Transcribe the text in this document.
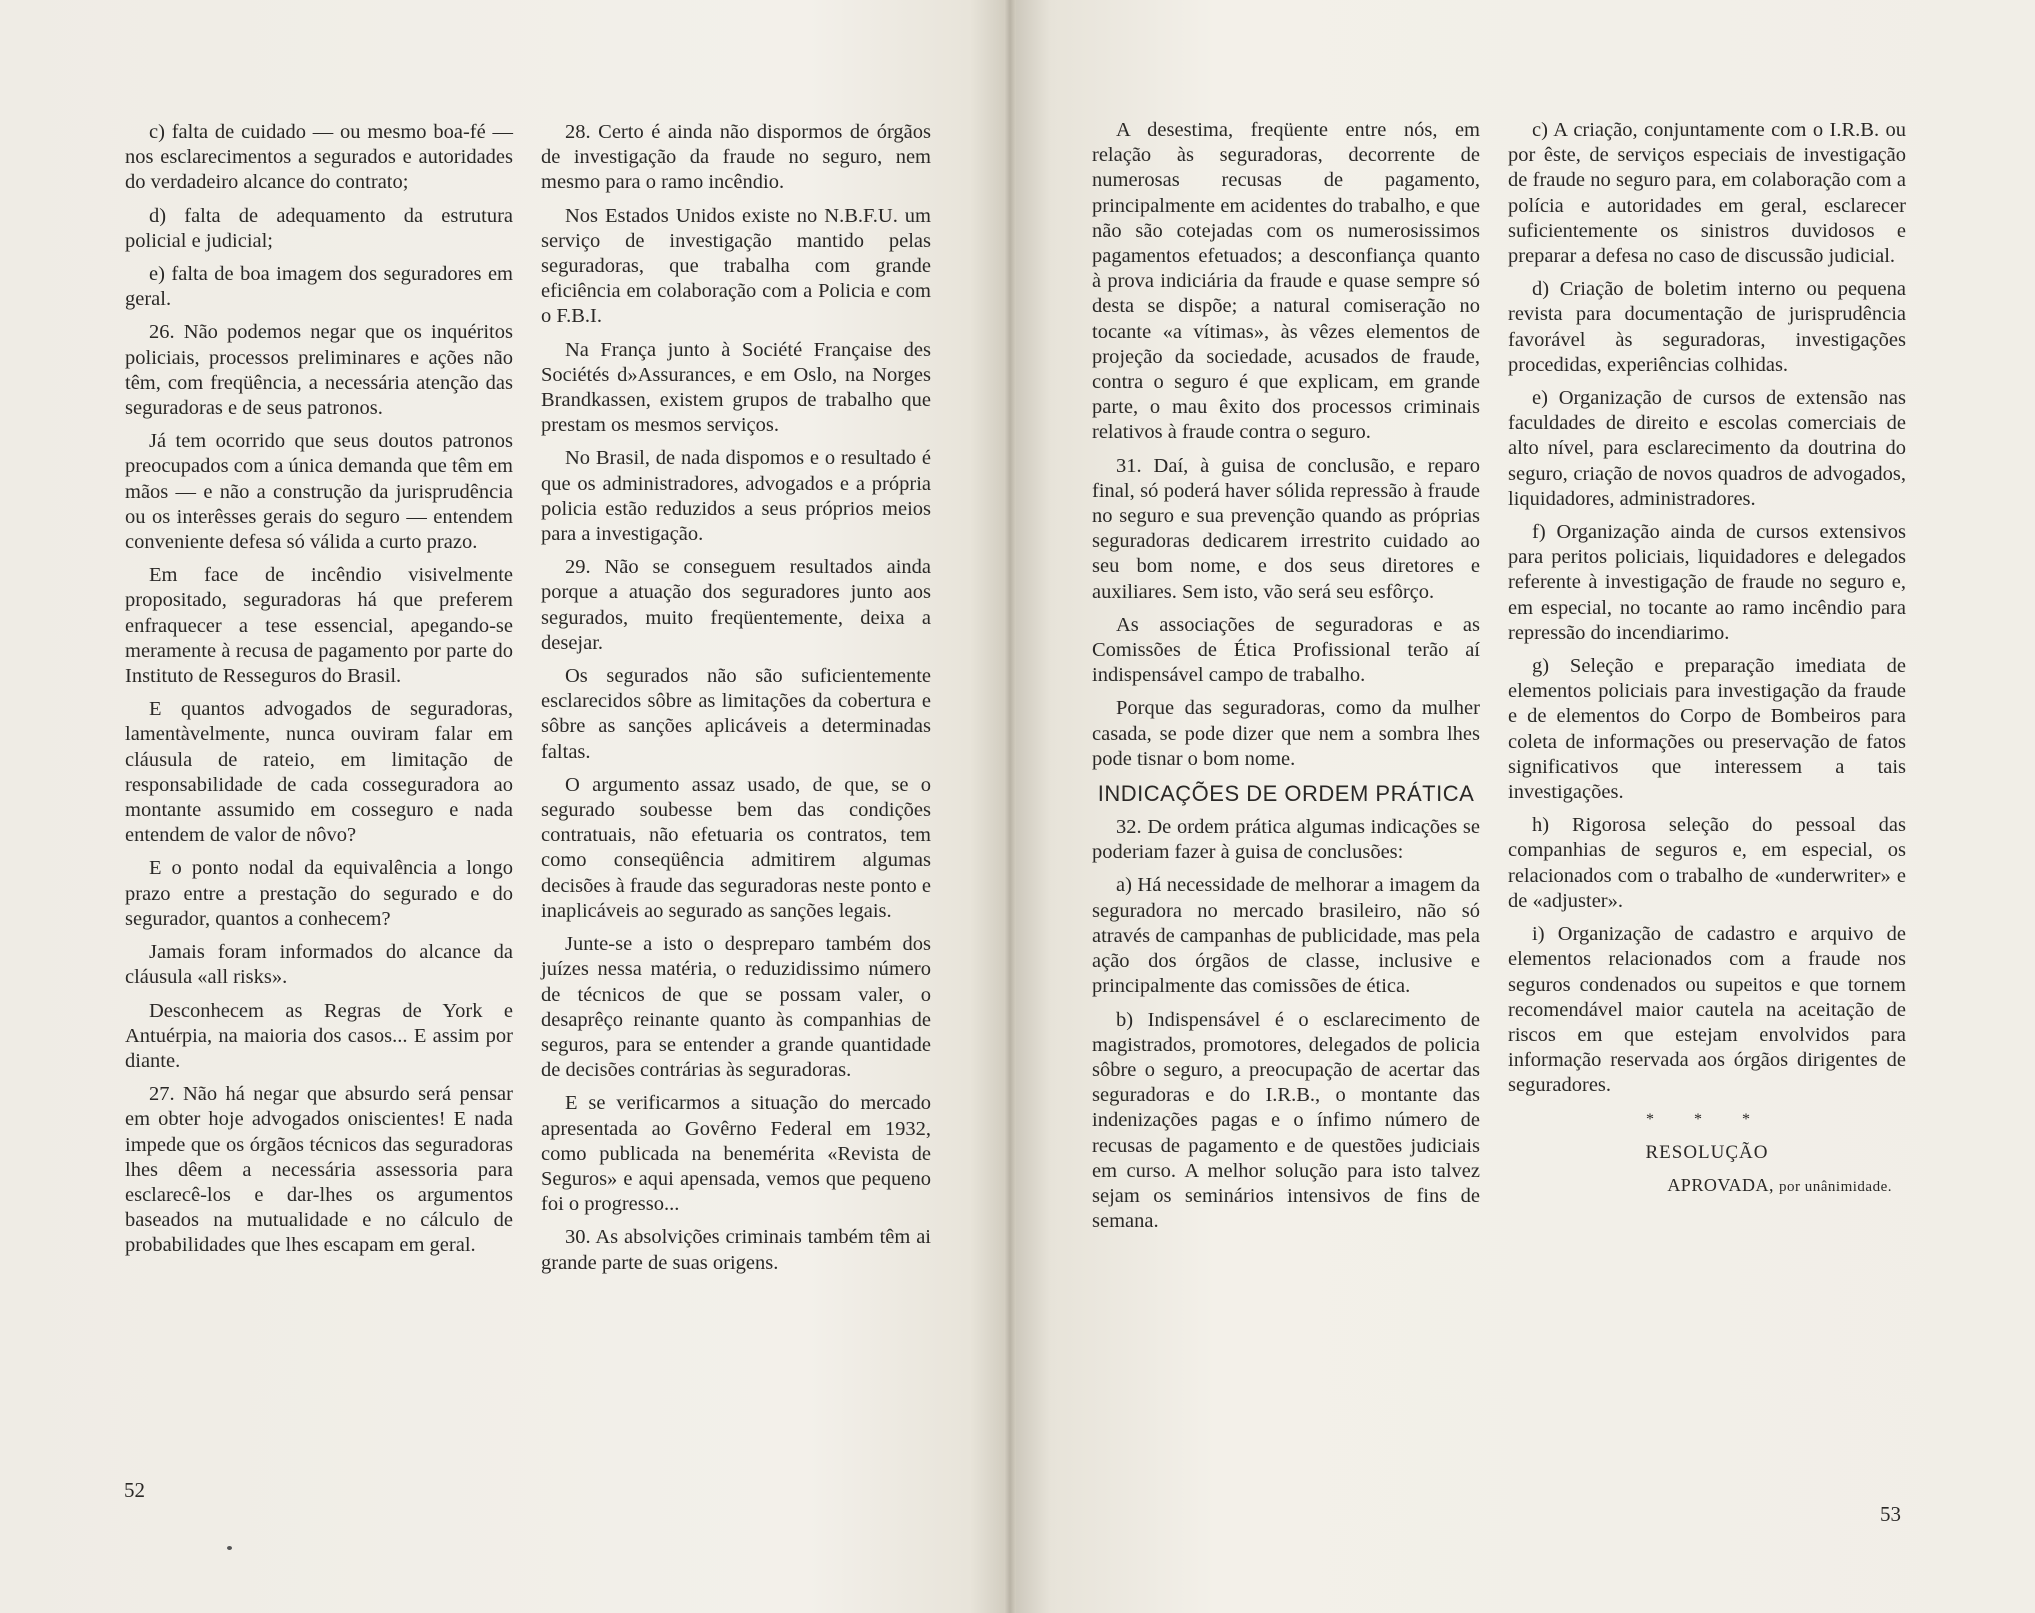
c) falta de cuidado — ou mesmo boa-fé — nos esclarecimentos a segurados e autoridades do verdadeiro alcance do contrato;

d) falta de adequamento da estrutura policial e judicial;

e) falta de boa imagem dos seguradores em geral.

26. Não podemos negar que os inquéritos policiais, processos preliminares e ações não têm, com freqüência, a necessária atenção das seguradoras e de seus patronos.

Já tem ocorrido que seus doutos patronos preocupados com a única demanda que têm em mãos — e não a construção da jurisprudência ou os interêsses gerais do seguro — entendem conveniente defesa só válida a curto prazo.

Em face de incêndio visivelmente propositado, seguradoras há que preferem enfraquecer a tese essencial, apegando-se meramente à recusa de pagamento por parte do Instituto de Resseguros do Brasil.

E quantos advogados de seguradoras, lamentàvelmente, nunca ouviram falar em cláusula de rateio, em limitação de responsabilidade de cada cosseguradora ao montante assumido em cosseguro e nada entendem de valor de nôvo?

E o ponto nodal da equivalência a longo prazo entre a prestação do segurado e do segurador, quantos a conhecem?

Jamais foram informados do alcance da cláusula «all risks».

Desconhecem as Regras de York e Antuérpia, na maioria dos casos... E assim por diante.

27. Não há negar que absurdo será pensar em obter hoje advogados oniscientes! E nada impede que os órgãos técnicos das seguradoras lhes dêem a necessária assessoria para esclarecê-los e dar-lhes os argumentos baseados na mutualidade e no cálculo de probabilidades que lhes escapam em geral.

28. Certo é ainda não dispormos de órgãos de investigação da fraude no seguro, nem mesmo para o ramo incêndio.

Nos Estados Unidos existe no N.B.F.U. um serviço de investigação mantido pelas seguradoras, que trabalha com grande eficiência em colaboração com a Policia e com o F.B.I.

Na França junto à Société Française des Sociétés d»Assurances, e em Oslo, na Norges Brandkassen, existem grupos de trabalho que prestam os mesmos serviços.

No Brasil, de nada dispomos e o resultado é que os administradores, advogados e a própria policia estão reduzidos a seus próprios meios para a investigação.

29. Não se conseguem resultados ainda porque a atuação dos seguradores junto aos segurados, muito freqüentemente, deixa a desejar.

Os segurados não são suficientemente esclarecidos sôbre as limitações da cobertura e sôbre as sanções aplicáveis a determinadas faltas.

O argumento assaz usado, de que, se o segurado soubesse bem das condições contratuais, não efetuaria os contratos, tem como conseqüência admitirem algumas decisões à fraude das seguradoras neste ponto e inaplicáveis ao segurado as sanções legais.

Junte-se a isto o despreparo também dos juízes nessa matéria, o reduzidissimo número de técnicos de que se possam valer, o desaprêço reinante quanto às companhias de seguros, para se entender a grande quantidade de decisões contrárias às seguradoras.

E se verificarmos a situação do mercado apresentada ao Govêrno Federal em 1932, como publicada na benemérita «Revista de Seguros» e aqui apensada, vemos que pequeno foi o progresso...

30. As absolvições criminais também têm ai grande parte de suas origens.

52

A desestima, freqüente entre nós, em relação às seguradoras, decorrente de numerosas recusas de pagamento, principalmente em acidentes do trabalho, e que não são cotejadas com os numerosissimos pagamentos efetuados; a desconfiança quanto à prova indiciária da fraude e quase sempre só desta se dispõe; a natural comiseração no tocante «a vítimas», às vêzes elementos de projeção da sociedade, acusados de fraude, contra o seguro é que explicam, em grande parte, o mau êxito dos processos criminais relativos à fraude contra o seguro.

31. Daí, à guisa de conclusão, e reparo final, só poderá haver sólida repressão à fraude no seguro e sua prevenção quando as próprias seguradoras dedicarem irrestrito cuidado ao seu bom nome, e dos seus diretores e auxiliares. Sem isto, vão será seu esfôrço.

As associações de seguradoras e as Comissões de Ética Profissional terão aí indispensável campo de trabalho.

Porque das seguradoras, como da mulher casada, se pode dizer que nem a sombra lhes pode tisnar o bom nome.

INDICAÇÕES DE ORDEM PRÁTICA

32. De ordem prática algumas indicações se poderiam fazer à guisa de conclusões:

a) Há necessidade de melhorar a imagem da seguradora no mercado brasileiro, não só através de campanhas de publicidade, mas pela ação dos órgãos de classe, inclusive e principalmente das comissões de ética.

b) Indispensável é o esclarecimento de magistrados, promotores, delegados de policia sôbre o seguro, a preocupação de acertar das seguradoras e do I.R.B., o montante das indenizações pagas e o ínfimo número de recusas de pagamento e de questões judiciais em curso. A melhor solução para isto talvez sejam os seminários intensivos de fins de semana.

c) A criação, conjuntamente com o I.R.B. ou por êste, de serviços especiais de investigação de fraude no seguro para, em colaboração com a polícia e autoridades em geral, esclarecer suficientemente os sinistros duvidosos e preparar a defesa no caso de discussão judicial.

d) Criação de boletim interno ou pequena revista para documentação de jurisprudência favorável às seguradoras, investigações procedidas, experiências colhidas.

e) Organização de cursos de extensão nas faculdades de direito e escolas comerciais de alto nível, para esclarecimento da doutrina do seguro, criação de novos quadros de advogados, liquidadores, administradores.

f) Organização ainda de cursos extensivos para peritos policiais, liquidadores e delegados referente à investigação de fraude no seguro e, em especial, no tocante ao ramo incêndio para repressão do incendiarimo.

g) Seleção e preparação imediata de elementos policiais para investigação da fraude e de elementos do Corpo de Bombeiros para coleta de informações ou preservação de fatos significativos que interessem a tais investigações.

h) Rigorosa seleção do pessoal das companhias de seguros e, em especial, os relacionados com o trabalho de «underwriter» e de «adjuster».

i) Organização de cadastro e arquivo de elementos relacionados com a fraude nos seguros condenados ou supeitos e que tornem recomendável maior cautela na aceitação de riscos em que estejam envolvidos para informação reservada aos órgãos dirigentes de seguradores.

* * *

RESOLUÇÃO

APROVADA, por unânimidade.

53
